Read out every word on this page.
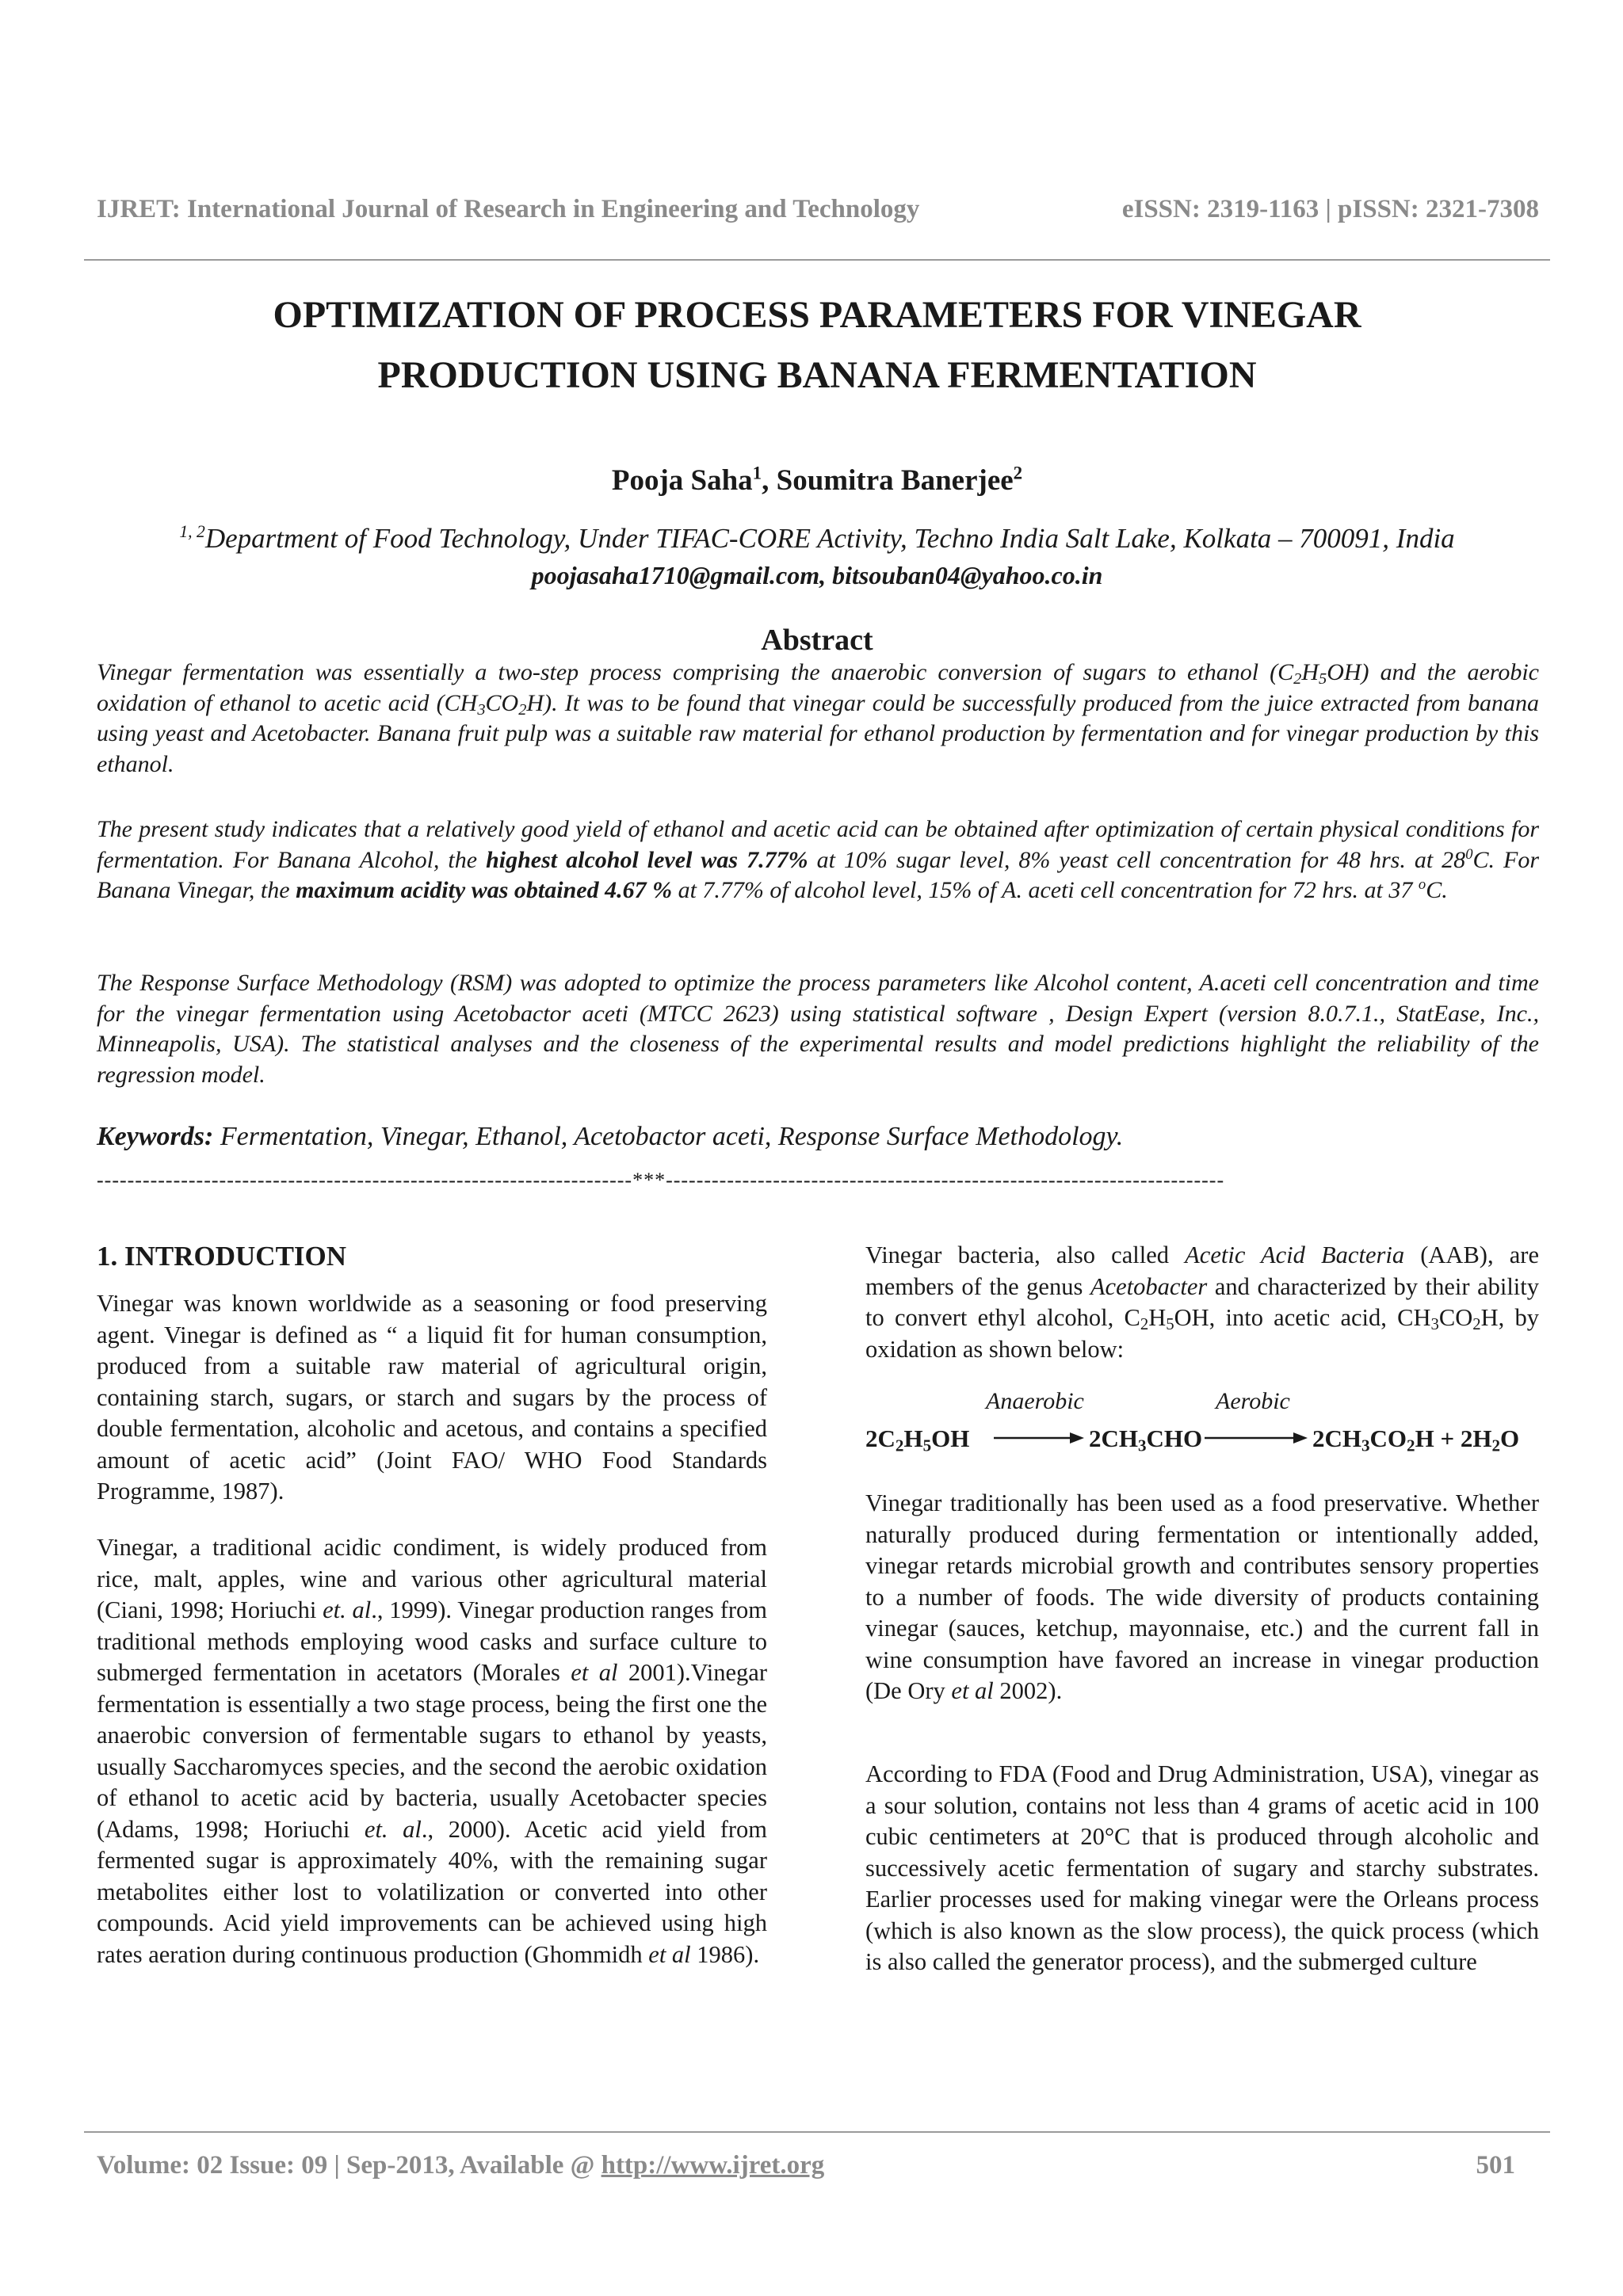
IJRET: International Journal of Research in Engineering and Technology	eISSN: 2319-1163 | pISSN: 2321-7308
OPTIMIZATION OF PROCESS PARAMETERS FOR VINEGAR
PRODUCTION USING BANANA FERMENTATION
Pooja Saha$^1$, Soumitra Banerjee$^2$
$^{1, 2}$Department of Food Technology, Under TIFAC-CORE Activity, Techno India Salt Lake, Kolkata – 700091, India
poojasaha1710@gmail.com, bitsouban04@yahoo.co.in
Abstract
Vinegar fermentation was essentially a two-step process comprising the anaerobic conversion of sugars to ethanol $(C_2H_5OH)$ and the aerobic oxidation of ethanol to acetic acid $(CH_3CO_2H)$. It was to be found that vinegar could be successfully produced from the juice extracted from banana using yeast and Acetobacter. Banana fruit pulp was a suitable raw material for ethanol production by fermentation and for vinegar production by this ethanol.
The present study indicates that a relatively good yield of ethanol and acetic acid can be obtained after optimization of certain physical conditions for fermentation. For Banana Alcohol, the highest alcohol level was 7.77% at 10% sugar level, 8% yeast cell concentration for 48 hrs. at $28^0C$. For Banana Vinegar, the maximum acidity was obtained 4.67 % at 7.77% of alcohol level, 15% of A. aceti cell concentration for 72 hrs. at 37 $^o$C.
The Response Surface Methodology (RSM) was adopted to optimize the process parameters like Alcohol content, A.aceti cell concentration and time for the vinegar fermentation using Acetobactor aceti (MTCC 2623) using statistical software , Design Expert (version 8.0.7.1., StatEase, Inc., Minneapolis, USA). The statistical analyses and the closeness of the experimental results and model predictions highlight the reliability of the regression model.
Keywords: Fermentation, Vinegar, Ethanol, Acetobactor aceti, Response Surface Methodology.
----------------------------------------------------------------------***-------------------------------------------------------------------------
1. INTRODUCTION
Vinegar was known worldwide as a seasoning or food preserving agent. Vinegar is defined as “ a liquid fit for human consumption, produced from a suitable raw material of agricultural origin, containing starch, sugars, or starch and sugars by the process of double fermentation, alcoholic and acetous, and contains a specified amount of acetic acid” (Joint FAO/ WHO Food Standards Programme, 1987).
Vinegar, a traditional acidic condiment, is widely produced from rice, malt, apples, wine and various other agricultural material (Ciani, 1998; Horiuchi et. al., 1999). Vinegar production ranges from traditional methods employing wood casks and surface culture to submerged fermentation in acetators (Morales et al 2001).Vinegar fermentation is essentially a two stage process, being the first one the anaerobic conversion of fermentable sugars to ethanol by yeasts, usually Saccharomyces species, and the second the aerobic oxidation of ethanol to acetic acid by bacteria, usually Acetobacter species (Adams, 1998; Horiuchi et. al., 2000). Acetic acid yield from fermented sugar is approximately 40%, with the remaining sugar metabolites either lost to volatilization or converted into other compounds. Acid yield improvements can be achieved using high rates aeration during continuous production (Ghommidh et al 1986).
Vinegar bacteria, also called Acetic Acid Bacteria (AAB), are members of the genus Acetobacter and characterized by their ability to convert ethyl alcohol, $C_2H_5OH$, into acetic acid, $CH_3CO_2H$, by oxidation as shown below:
Anaerobic	Aerobic
$2C_2H_5OH$	$2CH_3CHO$	$2CH_3CO_2H + 2H_2O$
Vinegar traditionally has been used as a food preservative. Whether naturally produced during fermentation or intentionally added, vinegar retards microbial growth and contributes sensory properties to a number of foods. The wide diversity of products containing vinegar (sauces, ketchup, mayonnaise, etc.) and the current fall in wine consumption have favored an increase in vinegar production (De Ory et al 2002).
According to FDA (Food and Drug Administration, USA), vinegar as a sour solution, contains not less than 4 grams of acetic acid in 100 cubic centimeters at 20°C that is produced through alcoholic and successively acetic fermentation of sugary and starchy substrates. Earlier processes used for making vinegar were the Orleans process (which is also known as the slow process), the quick process (which is also called the generator process), and the submerged culture
Volume: 02 Issue: 09 | Sep-2013, Available @ http://www.ijret.org	501
